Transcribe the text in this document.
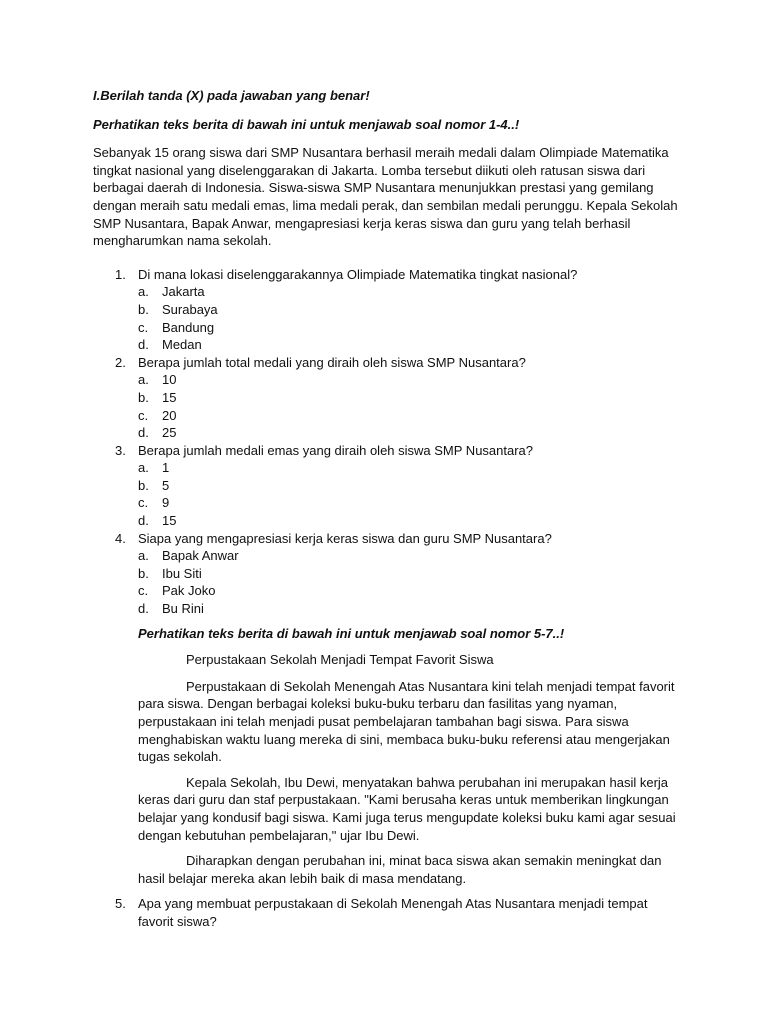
I.Berilah tanda (X) pada jawaban yang benar!

Perhatikan teks berita di bawah ini untuk menjawab soal nomor 1-4..!

Sebanyak 15 orang siswa dari SMP Nusantara berhasil meraih medali dalam Olimpiade Matematika tingkat nasional yang diselenggarakan di Jakarta. Lomba tersebut diikuti oleh ratusan siswa dari berbagai daerah di Indonesia. Siswa-siswa SMP Nusantara menunjukkan prestasi yang gemilang dengan meraih satu medali emas, lima medali perak, dan sembilan medali perunggu. Kepala Sekolah SMP Nusantara, Bapak Anwar, mengapresiasi kerja keras siswa dan guru yang telah berhasil mengharumkan nama sekolah.

1. Di mana lokasi diselenggarakannya Olimpiade Matematika tingkat nasional?
a. Jakarta
b. Surabaya
c. Bandung
d. Medan
2. Berapa jumlah total medali yang diraih oleh siswa SMP Nusantara?
a. 10
b. 15
c. 20
d. 25
3. Berapa jumlah medali emas yang diraih oleh siswa SMP Nusantara?
a. 1
b. 5
c. 9
d. 15
4. Siapa yang mengapresiasi kerja keras siswa dan guru SMP Nusantara?
a. Bapak Anwar
b. Ibu Siti
c. Pak Joko
d. Bu Rini

Perhatikan teks berita di bawah ini untuk menjawab soal nomor 5-7..!

Perpustakaan Sekolah Menjadi Tempat Favorit Siswa

Perpustakaan di Sekolah Menengah Atas Nusantara kini telah menjadi tempat favorit para siswa. Dengan berbagai koleksi buku-buku terbaru dan fasilitas yang nyaman, perpustakaan ini telah menjadi pusat pembelajaran tambahan bagi siswa. Para siswa menghabiskan waktu luang mereka di sini, membaca buku-buku referensi atau mengerjakan tugas sekolah.

Kepala Sekolah, Ibu Dewi, menyatakan bahwa perubahan ini merupakan hasil kerja keras dari guru dan staf perpustakaan. "Kami berusaha keras untuk memberikan lingkungan belajar yang kondusif bagi siswa. Kami juga terus mengupdate koleksi buku kami agar sesuai dengan kebutuhan pembelajaran," ujar Ibu Dewi.

Diharapkan dengan perubahan ini, minat baca siswa akan semakin meningkat dan hasil belajar mereka akan lebih baik di masa mendatang.

5. Apa yang membuat perpustakaan di Sekolah Menengah Atas Nusantara menjadi tempat favorit siswa?
